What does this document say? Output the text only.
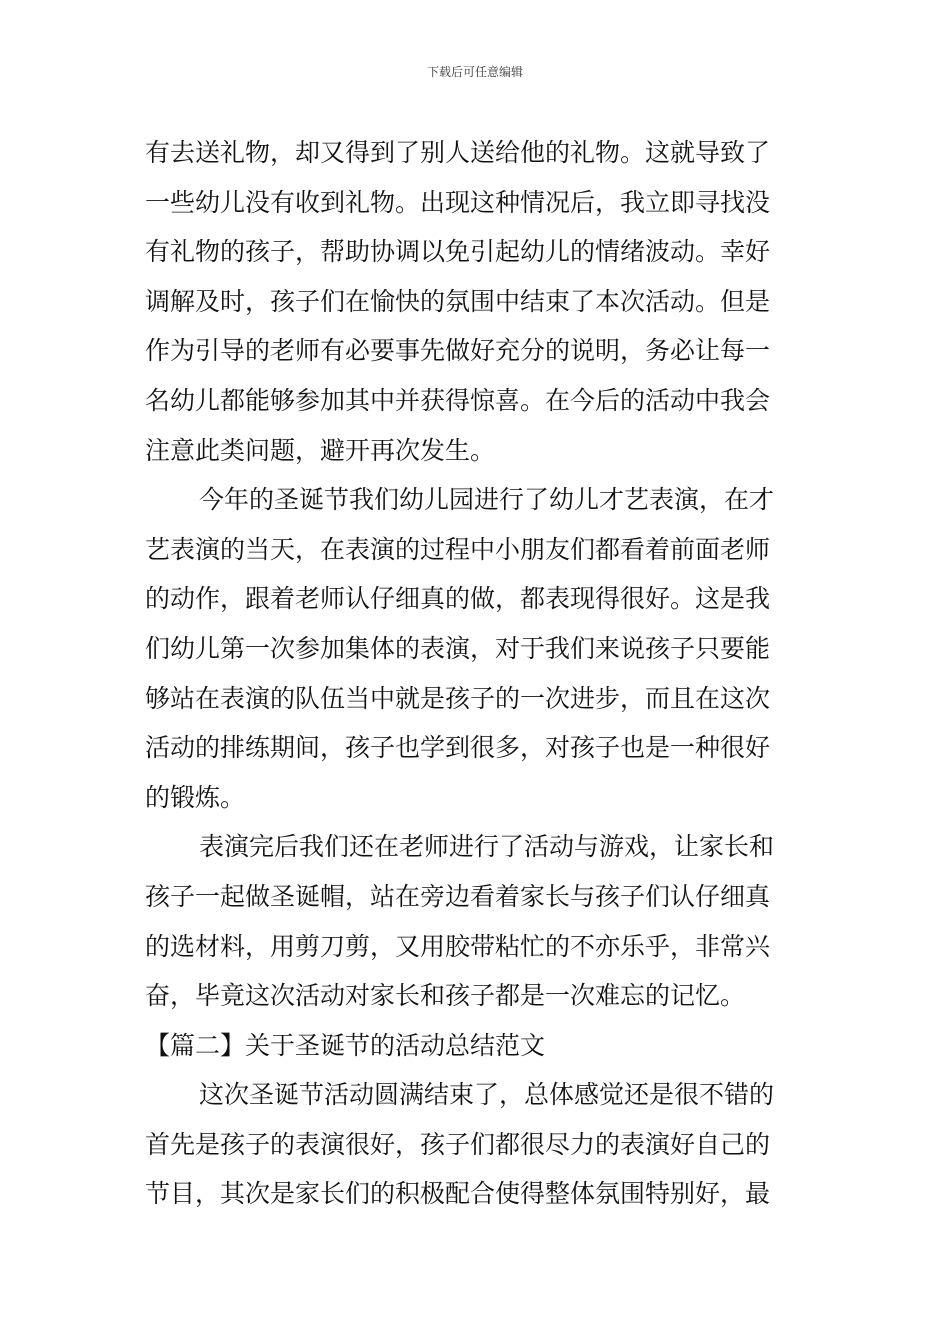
下载后可任意编辑
有去送礼物，却又得到了别人送给他的礼物。这就导致了
一些幼儿没有收到礼物。出现这种情况后，我立即寻找没
有礼物的孩子，帮助协调以免引起幼儿的情绪波动。幸好
调解及时，孩子们在愉快的氛围中结束了本次活动。但是
作为引导的老师有必要事先做好充分的说明，务必让每一
名幼儿都能够参加其中并获得惊喜。在今后的活动中我会
注意此类问题，避开再次发生。
今年的圣诞节我们幼儿园进行了幼儿才艺表演，在才
艺表演的当天，在表演的过程中小朋友们都看着前面老师
的动作，跟着老师认仔细真的做，都表现得很好。这是我
们幼儿第一次参加集体的表演，对于我们来说孩子只要能
够站在表演的队伍当中就是孩子的一次进步，而且在这次
活动的排练期间，孩子也学到很多，对孩子也是一种很好
的锻炼。
表演完后我们还在老师进行了活动与游戏，让家长和
孩子一起做圣诞帽，站在旁边看着家长与孩子们认仔细真
的选材料，用剪刀剪，又用胶带粘忙的不亦乐乎，非常兴
奋，毕竟这次活动对家长和孩子都是一次难忘的记忆。
【篇二】关于圣诞节的活动总结范文
这次圣诞节活动圆满结束了，总体感觉还是很不错的
首先是孩子的表演很好，孩子们都很尽力的表演好自己的
节目，其次是家长们的积极配合使得整体氛围特别好，最
